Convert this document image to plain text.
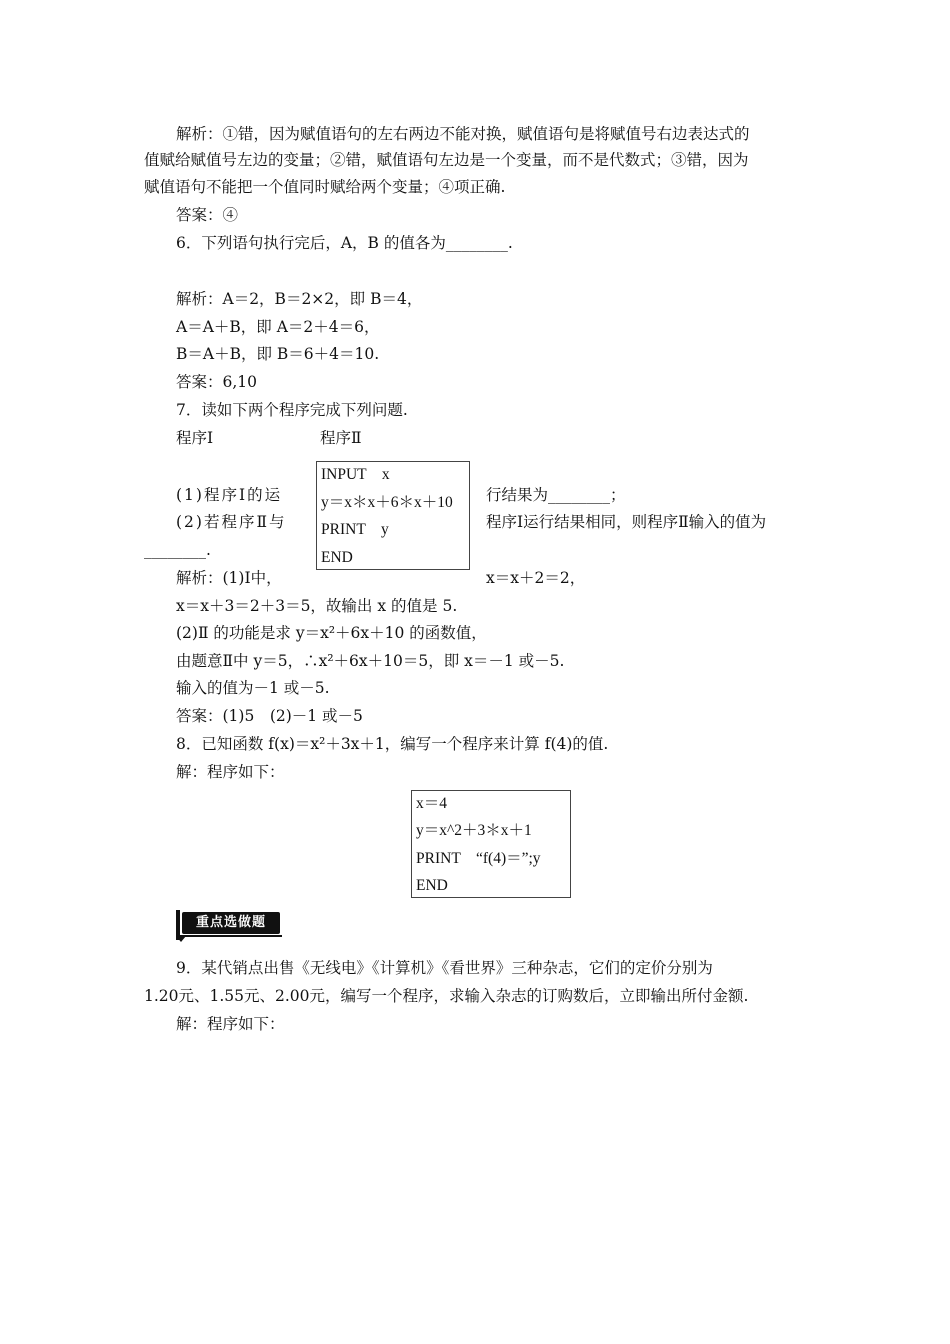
解析：①错，因为赋值语句的左右两边不能对换，赋值语句是将赋值号右边表达式的
值赋给赋值号左边的变量；②错，赋值语句左边是一个变量，而不是代数式；③错，因为
赋值语句不能把一个值同时赋给两个变量；④项正确.
答案：④
6．下列语句执行完后，A，B 的值各为________.
解析：A＝2，B＝2×2，即 B＝4，
A＝A＋B，即 A＝2＋4＝6，
B＝A＋B，即 B＝6＋4＝10.
答案：6,10
7．读如下两个程序完成下列问题.
程序Ⅰ	程序Ⅱ
INPUT　x
y＝x＊x＋6＊x＋10
PRINT　y
END
(1)程序Ⅰ的运	行结果为________；
(2)若程序Ⅱ与	程序Ⅰ运行结果相同，则程序Ⅱ输入的值为
________.
解析：(1)Ⅰ中，	x＝x＋2＝2，
x＝x＋3＝2＋3＝5，故输出 x 的值是 5.
(2)Ⅱ 的功能是求 y＝x²＋6x＋10 的函数值，
由题意Ⅱ中 y＝5，∴x²＋6x＋10＝5，即 x＝－1 或－5.
输入的值为－1 或－5.
答案：(1)5　(2)－1 或－5
8．已知函数 f(x)＝x²＋3x＋1，编写一个程序来计算 f(4)的值.
解：程序如下：
x＝4
y＝x^2＋3＊x＋1
PRINT　“f(4)＝”;y
END
重点选做题
9．某代销点出售《无线电》《计算机》《看世界》三种杂志，它们的定价分别为
1.20元、1.55元、2.00元，编写一个程序，求输入杂志的订购数后，立即输出所付金额.
解：程序如下：
